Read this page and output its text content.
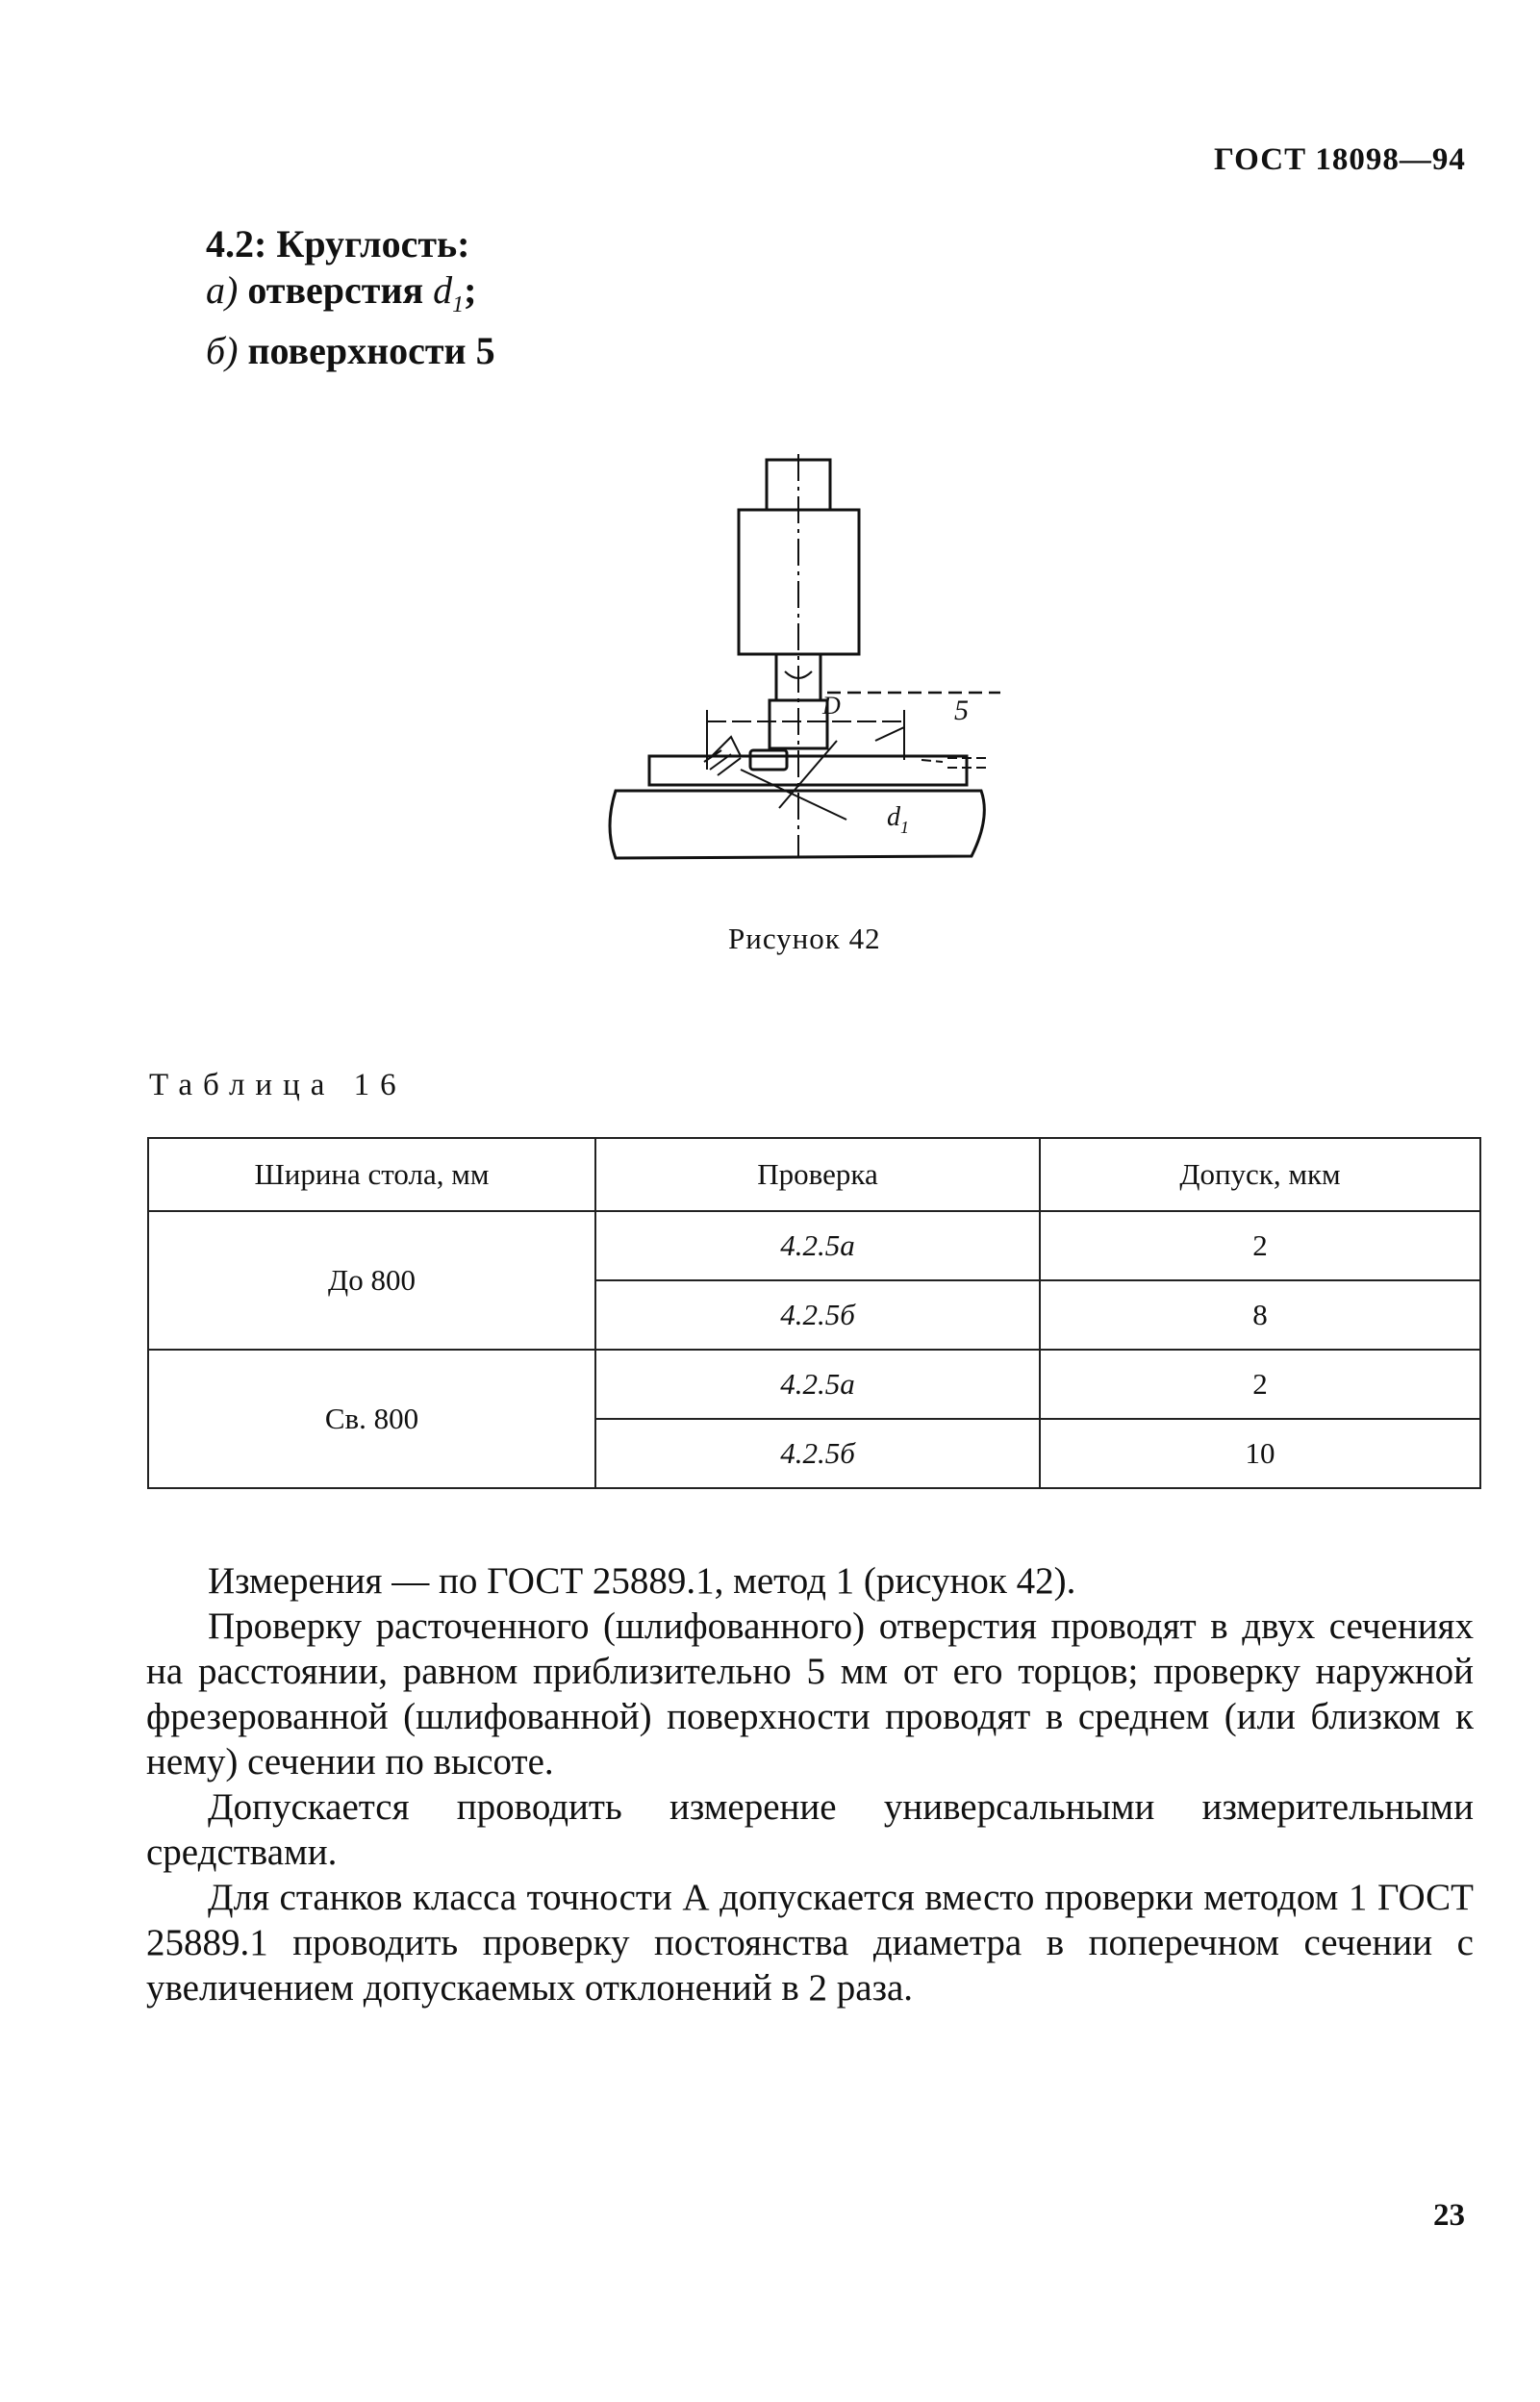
ГОСТ 18098—94
4.2: Круглость:
а) отверстия $d_1$;
б) поверхности 5
D	5
$d_1$
Рисунок 42
Таблица 16
Ширина стола, мм	Проверка	Допуск, мкм
До 800	4.2.5а	2
	4.2.5б	8
Св. 800	4.2.5а	2
	4.2.5б	10

Измерения — по ГОСТ 25889.1, метод 1 (рисунок 42).

Проверку расточенного (шлифованного) отверстия проводят в двух сечениях на расстоянии, равном приблизительно 5 мм от его торцов; проверку наружной фрезерованной (шлифованной) поверхности проводят в среднем (или близком к нему) сечении по высоте.

Допускается проводить измерение универсальными измерительными средствами.

Для станков класса точности А допускается вместо проверки методом 1 ГОСТ 25889.1 проводить проверку постоянства диаметра в поперечном сечении с увеличением допускаемых отклонений в 2 раза.

23
